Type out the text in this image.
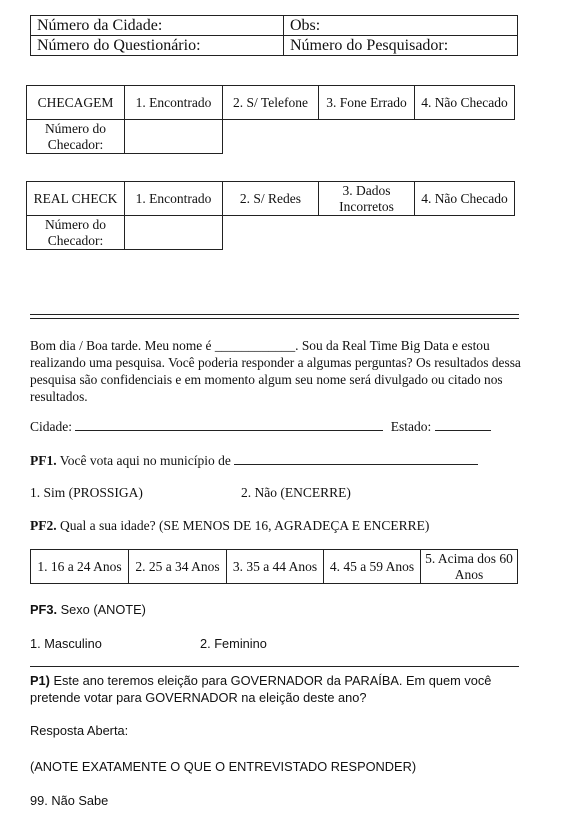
Número da Cidade:	Obs:
Número do Questionário:	Número do Pesquisador:
CHECAGEM	1. Encontrado	2. S/ Telefone	3. Fone Errado	4. Não Checado
Número do Checador:				
REAL CHECK	1. Encontrado	2. S/ Redes	3. Dados Incorretos	4. Não Checado
Número do Checador:				
Bom dia / Boa tarde. Meu nome é ____________. Sou da Real Time Big Data e estou realizando uma pesquisa. Você poderia responder a algumas perguntas? Os resultados dessa pesquisa são confidenciais e em momento algum seu nome será divulgado ou citado nos resultados.
Cidade:	Estado:
PF1. Você vota aqui no município de
1. Sim (PROSSIGA)	2. Não (ENCERRE)
PF2. Qual a sua idade? (SE MENOS DE 16, AGRADEÇA E ENCERRE)
1. 16 a 24 Anos	2. 25 a 34 Anos	3. 35 a 44 Anos	4. 45 a 59 Anos	5. Acima dos 60 Anos
PF3. Sexo (ANOTE)
1. Masculino	2. Feminino
P1) Este ano teremos eleição para GOVERNADOR da PARAÍBA. Em quem você pretende votar para GOVERNADOR na eleição deste ano?
Resposta Aberta:
(ANOTE EXATAMENTE O QUE O ENTREVISTADO RESPONDER)
99. Não Sabe
